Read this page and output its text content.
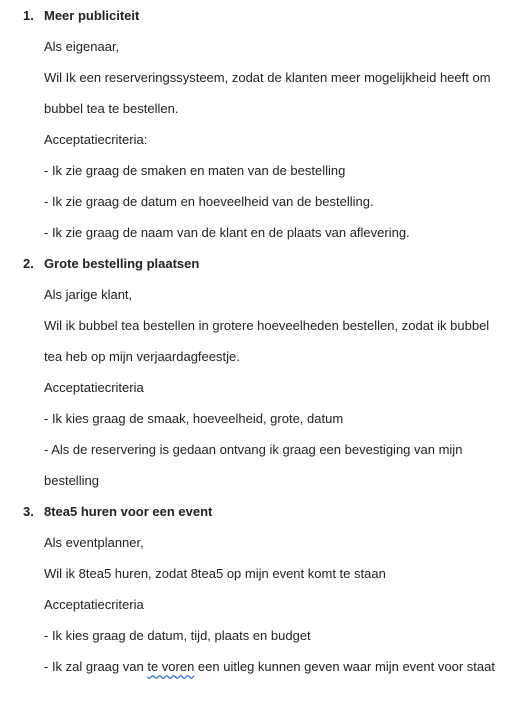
1. Meer publiciteit
Als eigenaar,
Wil Ik een reserveringssysteem, zodat de klanten meer mogelijkheid heeft om
bubbel tea te bestellen.
Acceptatiecriteria:
- Ik zie graag de smaken en maten van de bestelling
- Ik zie graag de datum en hoeveelheid van de bestelling.
- Ik zie graag de naam van de klant en de plaats van aflevering.
2. Grote bestelling plaatsen
Als jarige klant,
Wil ik bubbel tea bestellen in grotere hoeveelheden bestellen, zodat ik bubbel
tea heb op mijn verjaardagfeestje.
Acceptatiecriteria
- Ik kies graag de smaak, hoeveelheid, grote, datum
- Als de reservering is gedaan ontvang ik graag een bevestiging van mijn
bestelling
3. 8tea5 huren voor een event
Als eventplanner,
Wil ik 8tea5 huren, zodat 8tea5 op mijn event komt te staan
Acceptatiecriteria
- Ik kies graag de datum, tijd, plaats en budget
- Ik zal graag van te voren een uitleg kunnen geven waar mijn event voor staat
